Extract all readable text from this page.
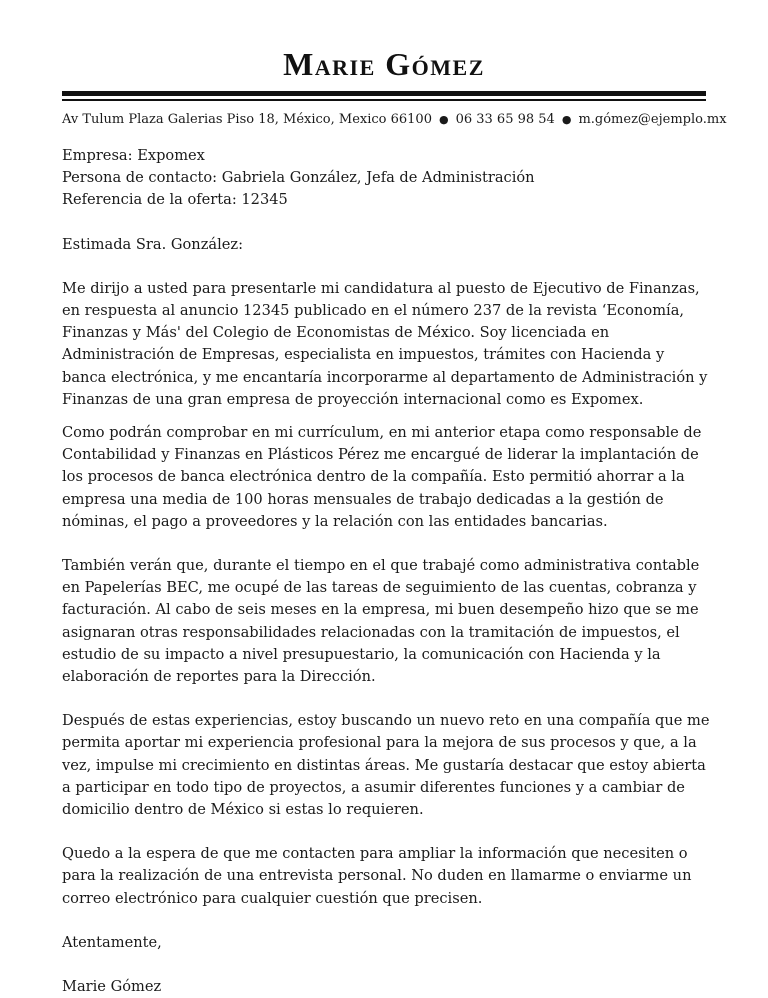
Marie Gómez
Av Tulum Plaza Galerias Piso 18, México, Mexico 66100 ● 06 33 65 98 54 ● m.gómez@ejemplo.mx

Empresa: Expomex

Persona de contacto: Gabriela González, Jefa de Administración

Referencia de la oferta: 12345

Estimada Sra. González:

Me dirijo a usted para presentarle mi candidatura al puesto de Ejecutivo de Finanzas, en respuesta al anuncio 12345 publicado en el número 237 de la revista ‘Economía, Finanzas y Más' del Colegio de Economistas de México. Soy licenciada en Administración de Empresas, especialista en impuestos, trámites con Hacienda y banca electrónica, y me encantaría incorporarme al departamento de Administración y Finanzas de una gran empresa de proyección internacional como es Expomex.

Como podrán comprobar en mi currículum, en mi anterior etapa como responsable de Contabilidad y Finanzas en Plásticos Pérez me encargué de liderar la implantación de los procesos de banca electrónica dentro de la compañía. Esto permitió ahorrar a la empresa una media de 100 horas mensuales de trabajo dedicadas a la gestión de nóminas, el pago a proveedores y la relación con las entidades bancarias.

También verán que, durante el tiempo en el que trabajé como administrativa contable en Papelerías BEC, me ocupé de las tareas de seguimiento de las cuentas, cobranza y facturación. Al cabo de seis meses en la empresa, mi buen desempeño hizo que se me asignaran otras responsabilidades relacionadas con la tramitación de impuestos, el estudio de su impacto a nivel presupuestario, la comunicación con Hacienda y la elaboración de reportes para la Dirección.

Después de estas experiencias, estoy buscando un nuevo reto en una compañía que me permita aportar mi experiencia profesional para la mejora de sus procesos y que, a la vez, impulse mi crecimiento en distintas áreas. Me gustaría destacar que estoy abierta a participar en todo tipo de proyectos, a asumir diferentes funciones y a cambiar de domicilio dentro de México si estas lo requieren.

Quedo a la espera de que me contacten para ampliar la información que necesiten o para la realización de una entrevista personal. No duden en llamarme o enviarme un correo electrónico para cualquier cuestión que precisen.

Atentamente,

Marie Gómez
